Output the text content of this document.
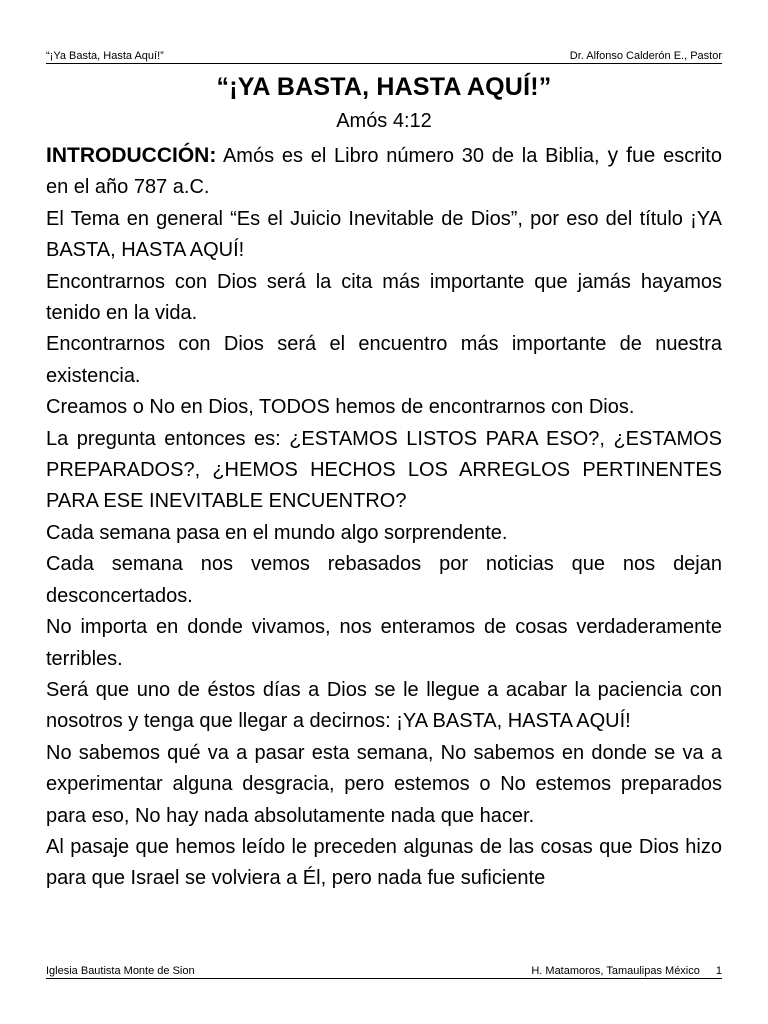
“¡Ya Basta, Hasta Aquí!”	Dr. Alfonso Calderón E., Pastor
“¡YA BASTA, HASTA AQUÍ!”
Amós 4:12

INTRODUCCIÓN: Amós es el Libro número 30 de la Biblia, y fue escrito en el año 787 a.C.

El Tema en general “Es el Juicio Inevitable de Dios”, por eso del título ¡YA BASTA, HASTA AQUÍ!

Encontrarnos con Dios será la cita más importante que jamás hayamos tenido en la vida.

Encontrarnos con Dios será el encuentro más importante de nuestra existencia.

Creamos o No en Dios, TODOS hemos de encontrarnos con Dios.

La pregunta entonces es: ¿ESTAMOS LISTOS PARA ESO?, ¿ESTAMOS PREPARADOS?, ¿HEMOS HECHOS LOS ARREGLOS PERTINENTES PARA ESE INEVITABLE ENCUENTRO?

Cada semana pasa en el mundo algo sorprendente.

Cada semana nos vemos rebasados por noticias que nos dejan desconcertados.

No importa en donde vivamos, nos enteramos de cosas verdaderamente terribles.

Será que uno de éstos días a Dios se le llegue a acabar la paciencia con nosotros y tenga que llegar a decirnos: ¡YA BASTA, HASTA AQUÍ!

No sabemos qué va a pasar esta semana, No sabemos en donde se va a experimentar alguna desgracia, pero estemos o No estemos preparados para eso, No hay nada absolutamente nada que hacer.

Al pasaje que hemos leído le preceden algunas de las cosas que Dios hizo para que Israel se volviera a Él, pero nada fue suficiente

Iglesia Bautista Monte de Sion	H. Matamoros, Tamaulipas México 1
